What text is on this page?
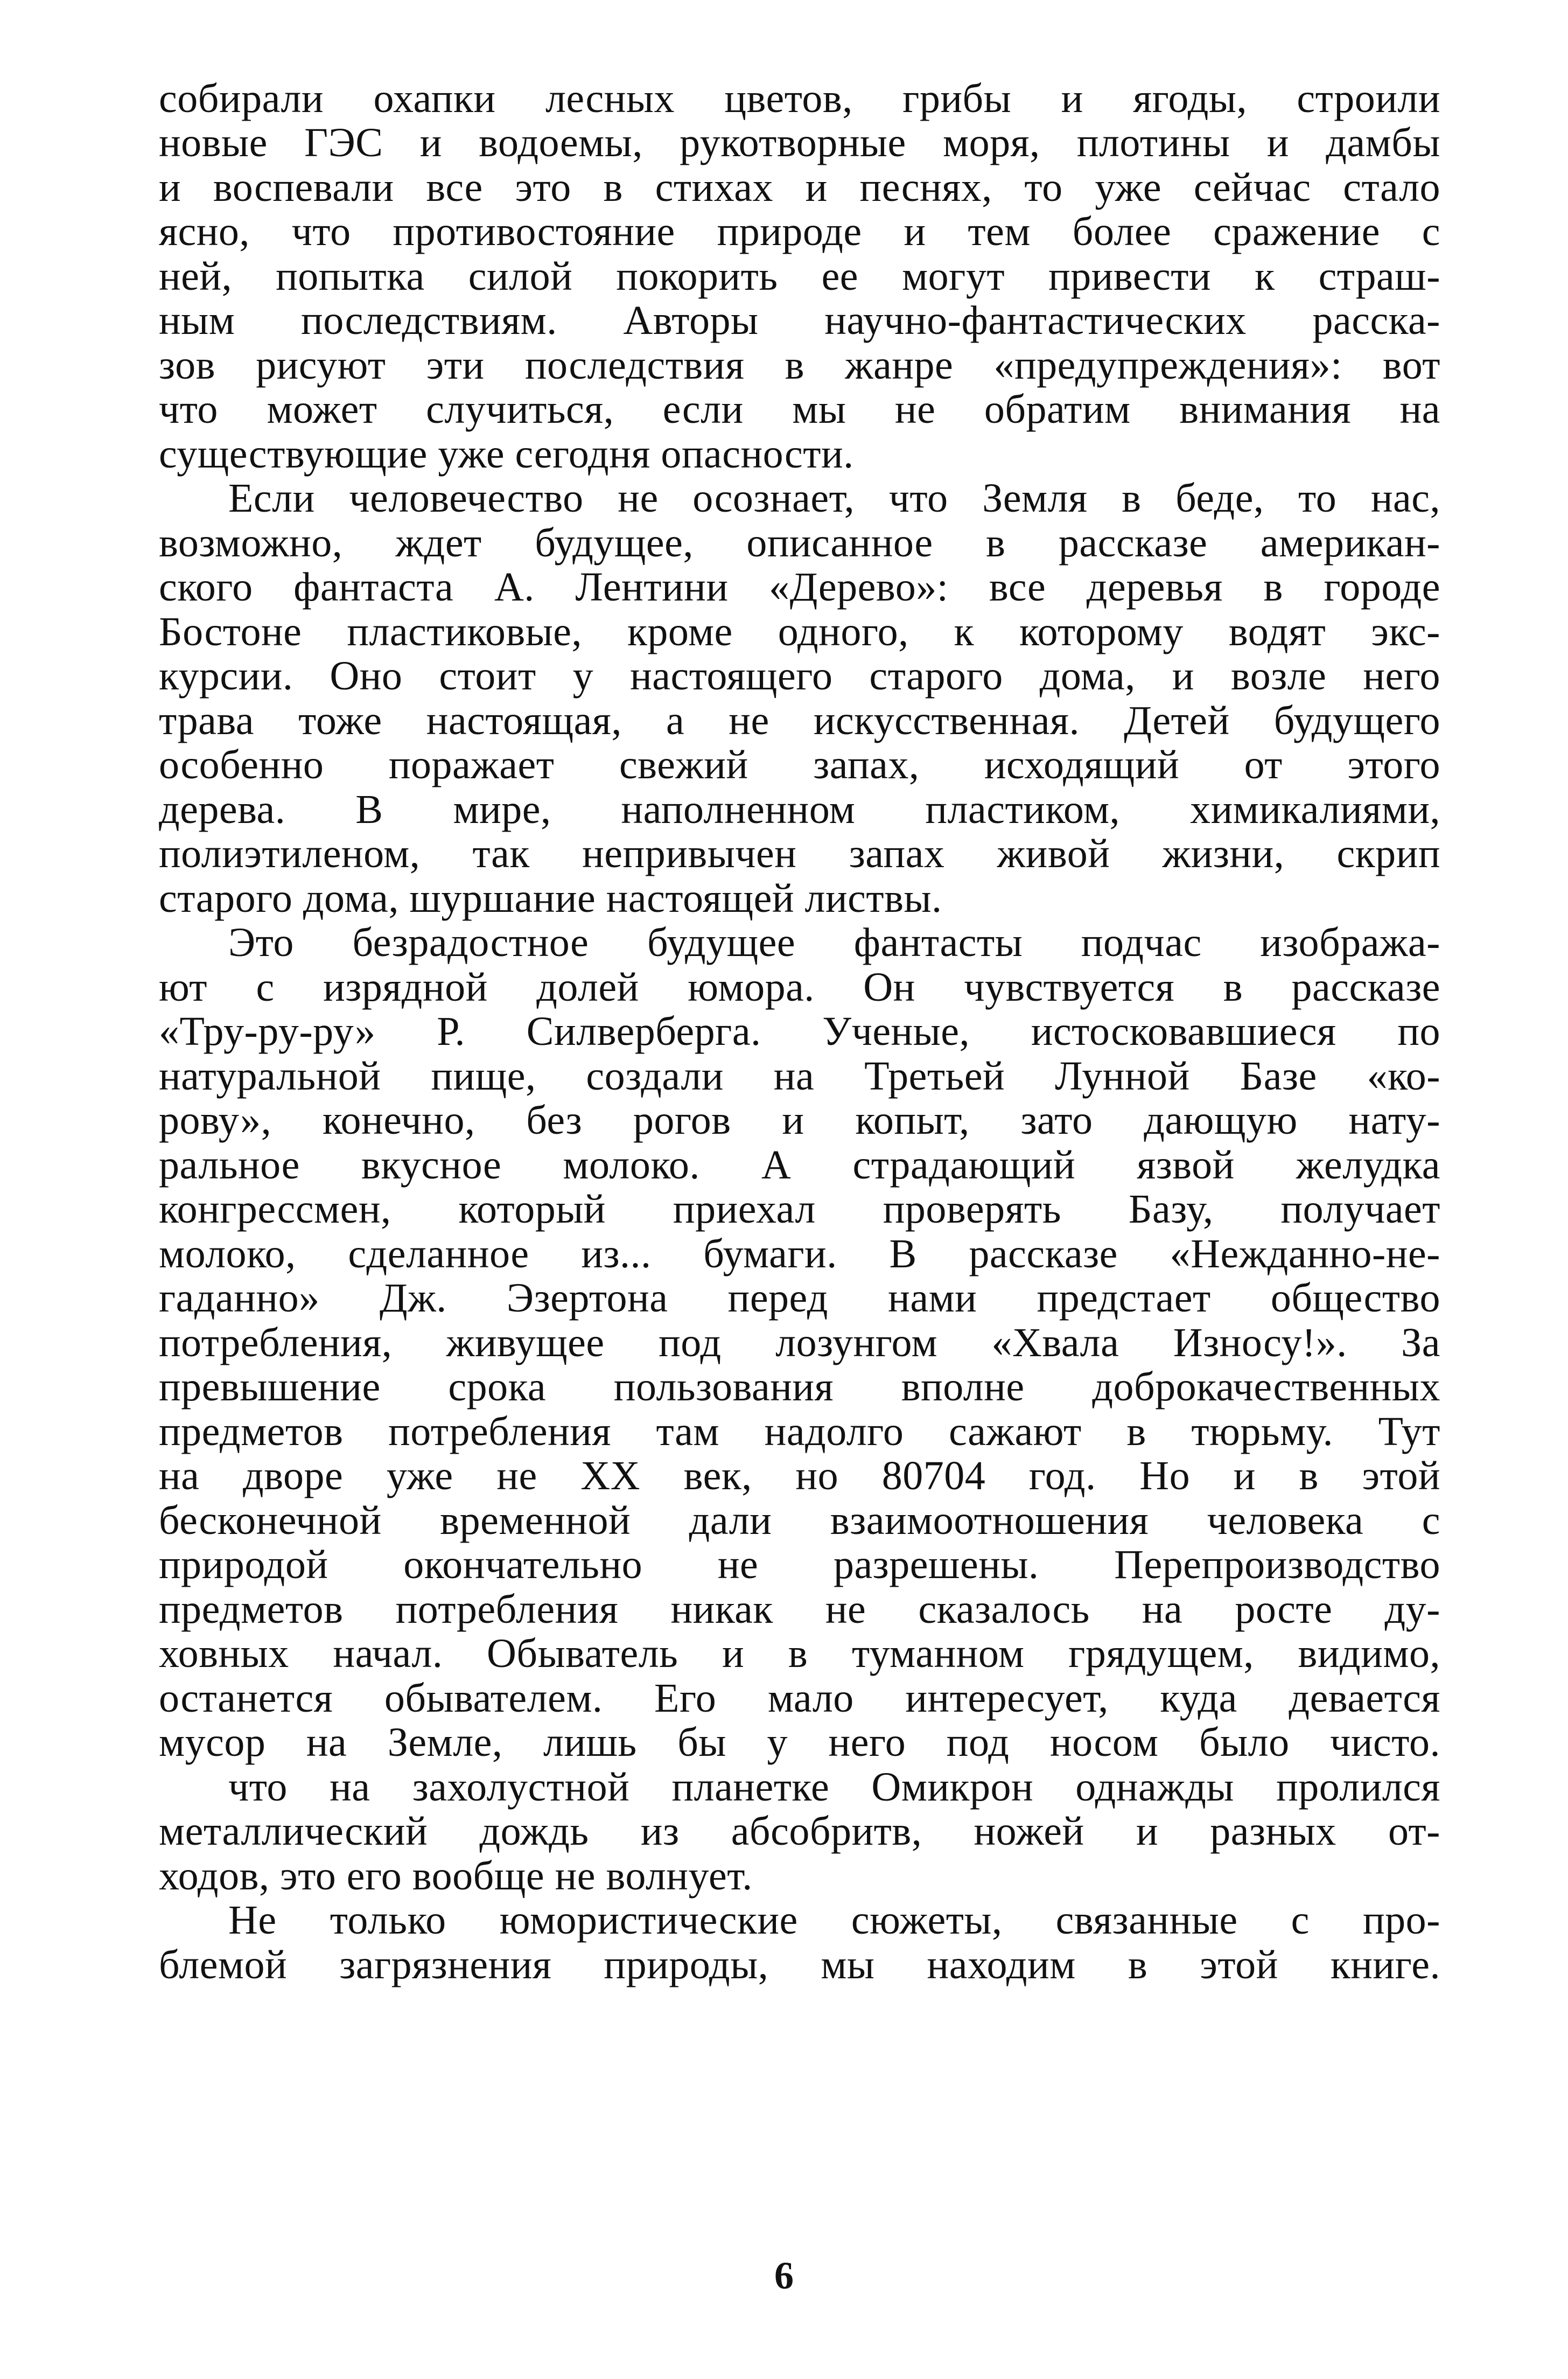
собирали охапки лесных цветов, грибы и ягоды, строили
новые ГЭС и водоемы, рукотворные моря, плотины и дамбы
и воспевали все это в стихах и песнях, то уже сейчас стало
ясно, что противостояние природе и тем более сражение с
ней, попытка силой покорить ее могут привести к страш-
ным последствиям. Авторы научно-фантастических расска-
зов рисуют эти последствия в жанре «предупреждения»: вот
что может случиться, если мы не обратим внимания на
существующие уже сегодня опасности.
Если человечество не осознает, что Земля в беде, то нас,
возможно, ждет будущее, описанное в рассказе американ-
ского фантаста А. Лентини «Дерево»: все деревья в городе
Бостоне пластиковые, кроме одного, к которому водят экс-
курсии. Оно стоит у настоящего старого дома, и возле него
трава тоже настоящая, а не искусственная. Детей будущего
особенно поражает свежий запах, исходящий от этого
дерева. В мире, наполненном пластиком, химикалиями,
полиэтиленом, так непривычен запах живой жизни, скрип
старого дома, шуршание настоящей листвы.
Это безрадостное будущее фантасты подчас изобража-
ют с изрядной долей юмора. Он чувствуется в рассказе
«Тру-ру-ру» Р. Силверберга. Ученые, истосковавшиеся по
натуральной пище, создали на Третьей Лунной Базе «ко-
рову», конечно, без рогов и копыт, зато дающую нату-
ральное вкусное молоко. А страдающий язвой желудка
конгрессмен, который приехал проверять Базу, получает
молоко, сделанное из... бумаги. В рассказе «Нежданно-не-
гаданно» Дж. Эзертона перед нами предстает общество
потребления, живущее под лозунгом «Хвала Износу!». За
превышение срока пользования вполне доброкачественных
предметов потребления там надолго сажают в тюрьму. Тут
на дворе уже не XX век, но 80704 год. Но и в этой
бесконечной временной дали взаимоотношения человека с
природой окончательно не разрешены. Перепроизводство
предметов потребления никак не сказалось на росте ду-
ховных начал. Обыватель и в туманном грядущем, видимо,
останется обывателем. Его мало интересует, куда девается
мусор на Земле, лишь бы у него под носом было чисто.
что на захолустной планетке Омикрон однажды пролился
металлический дождь из абсобритв, ножей и разных от-
ходов, это его вообще не волнует.
Не только юмористические сюжеты, связанные с про-
блемой загрязнения природы, мы находим в этой книге.
6
